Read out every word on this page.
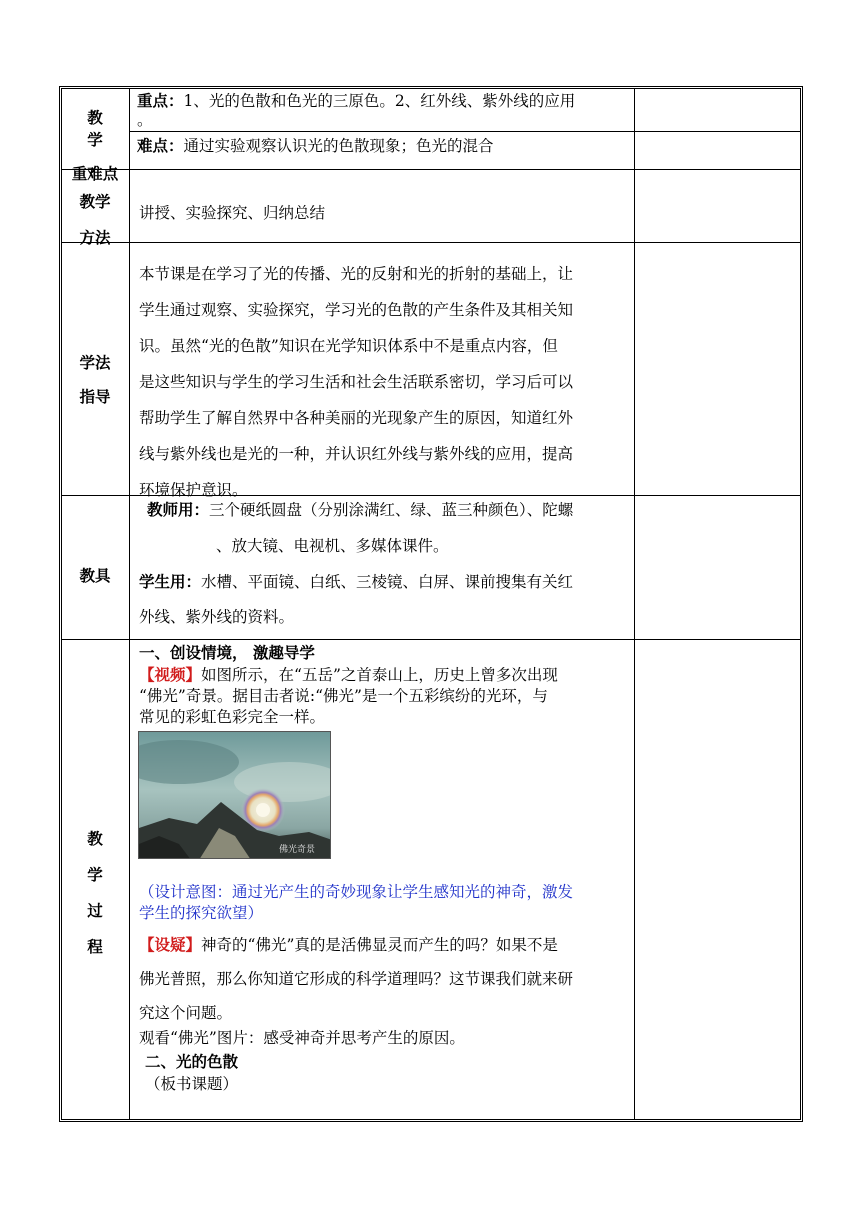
教 学
重难点
重点：1、光的色散和色光的三原色。2、红外线、紫外线的应用
。
难点：通过实验观察认识光的色散现象；色光的混合
教学
方法
讲授、实验探究、归纳总结
学法
指导
本节课是在学习了光的传播、光的反射和光的折射的基础上，让
学生通过观察、实验探究，学习光的色散的产生条件及其相关知
识。虽然“光的色散”知识在光学知识体系中不是重点内容，但
是这些知识与学生的学习生活和社会生活联系密切，学习后可以
帮助学生了解自然界中各种美丽的光现象产生的原因，知道红外
线与紫外线也是光的一种，并认识红外线与紫外线的应用，提高
环境保护意识。
教具
教师用：三个硬纸圆盘（分别涂满红、绿、蓝三种颜色）、陀螺
、放大镜、电视机、多媒体课件。
学生用：水槽、平面镜、白纸、三棱镜、白屏、课前搜集有关红
外线、紫外线的资料。
教
学
过
程
一、创设情境， 激趣导学
【视频】如图所示，在“五岳”之首泰山上，历史上曾多次出现
“佛光”奇景。据目击者说:“佛光”是一个五彩缤纷的光环，与
常见的彩虹色彩完全一样。
佛光奇景
（设计意图：通过光产生的奇妙现象让学生感知光的神奇，激发
学生的探究欲望）
【设疑】神奇的“佛光”真的是活佛显灵而产生的吗？如果不是
佛光普照，那么你知道它形成的科学道理吗？这节课我们就来研
究这个问题。
观看“佛光”图片：感受神奇并思考产生的原因。
二、光的色散
（板书课题）
